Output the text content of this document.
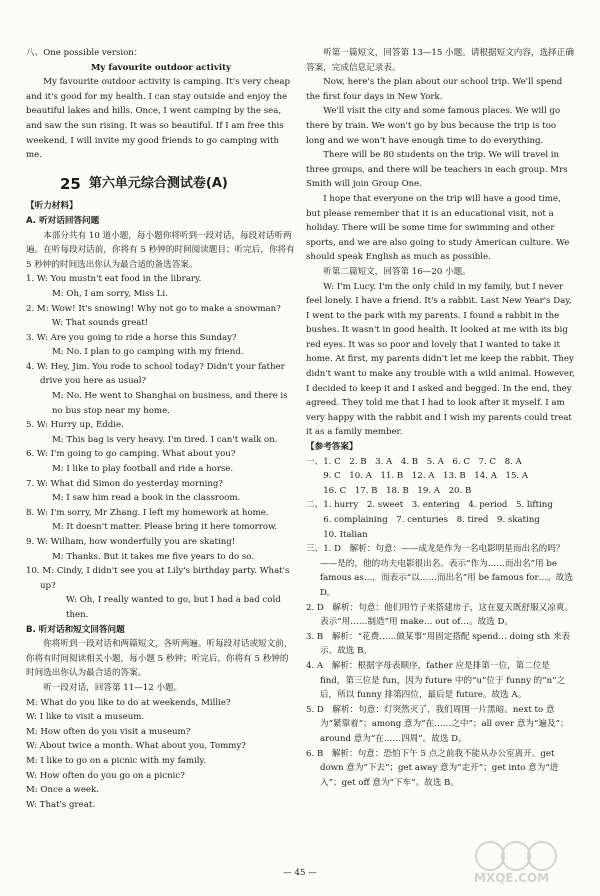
八、One possible version：

My favourite outdoor activity

My favourite outdoor activity is camping. It's very cheap and it's good for my health. I can stay outside and enjoy the beautiful lakes and hills. Once, I went camping by the sea, and saw the sun rising. It was so beautiful. If I am free this weekend, I will invite my good friends to go camping with me.

25 第六单元综合测试卷(A)

【听力材料】

A. 听对话回答问题

本部分共有 10 道小题，每小题你将听到一段对话，每段对话听两遍。在听每段对话前，你将有 5 秒钟的时间阅读题目；听完后，你将有 5 秒钟的时间选出你认为最合适的备选答案。

1. W: You mustn't eat food in the library.

M: Oh, I am sorry, Miss Li.

2. M: Wow! It's snowing! Why not go to make a snowman?

W: That sounds great!

3. W: Are you going to ride a horse this Sunday?

M: No. I plan to go camping with my friend.

4. W: Hey, Jim. You rode to school today? Didn't your father drive you here as usual?

M: No. He went to Shanghai on business, and there is no bus stop near my home.

5. W: Hurry up, Eddie.

M: This bag is very heavy. I'm tired. I can't walk on.

6. W: I'm going to go camping. What about you?

M: I like to play football and ride a horse.

7. W: What did Simon do yesterday morning?

M: I saw him read a book in the classroom.

8. W: I'm sorry, Mr Zhang. I left my homework at home.

M: It doesn't matter. Please bring it here tomorrow.

9. W: William, how wonderfully you are skating!

M: Thanks. But it takes me five years to do so.

10. M: Cindy, I didn't see you at Lily's birthday party. What's up?

W: Oh, I really wanted to go, but I had a bad cold then.

B. 听对话和短文回答问题

你将听到一段对话和两篇短文，各听两遍。听每段对话或短文前，你将有时间阅读相关小题，每小题 5 秒钟；听完后，你将有 5 秒钟的时间选出你认为最合适的答案。

听一段对话，回答第 11—12 小题。

M: What do you like to do at weekends, Millie?

W: I like to visit a museum.

M: How often do you visit a museum?

W: About twice a month. What about you, Tommy?

M: I like to go on a picnic with my family.

W: How often do you go on a picnic?

M: Once a week.

W: That's great.

听第一篇短文，回答第 13—15 小题。请根据短文内容，选择正确答案，完成信息记录表。

Now, here's the plan about our school trip. We'll spend the first four days in New York.

We'll visit the city and some famous places. We will go there by train. We won't go by bus because the trip is too long and we won't have enough time to do everything.

There will be 80 students on the trip. We will travel in three groups, and there will be teachers in each group. Mrs Smith will join Group One.

I hope that everyone on the trip will have a good time, but please remember that it is an educational visit, not a holiday. There will be some time for swimming and other sports, and we are also going to study American culture. We should speak English as much as possible.

听第二篇短文，回答第 16—20 小题。

W: I'm Lucy. I'm the only child in my family, but I never feel lonely. I have a friend. It's a rabbit. Last New Year's Day, I went to the park with my parents. I found a rabbit in the bushes. It wasn't in good health. It looked at me with its big red eyes. It was so poor and lovely that I wanted to take it home. At first, my parents didn't let me keep the rabbit. They didn't want to make any trouble with a wild animal. However, I decided to keep it and I asked and begged. In the end, they agreed. They told me that I had to look after it myself. I am very happy with the rabbit and I wish my parents could treat it as a family member.

【参考答案】

一、1. C　2. B　3. A　4. B　5. A　6. C　7. C　8. A

　　9. C　10. A　11. B　12. A　13. B　14. A　15. A

　　16. C　17. B　18. B　19. A　20. B

二、1. hurry　2. sweet　3. entering　4. period　5. lifting

　　6. complaining　7. centuries　8. tired　9. skating

　　10. Italian

三、1. D　解析：句意：——成龙是作为一名电影明星而出名的吗？——是的，他的功夫电影很出名。表示“作为……而出名”用 be famous as…，而表示“以……而出名”用 be famous for…。故选 D。

2. D　解析：句意：他们用竹子来搭建房子，这在夏天既舒服又凉爽。表示“用……制造”用 make… out of…。故选 D。

3. B　解析：“花费……做某事”用固定搭配 spend… doing sth 来表示。故选 B。

4. A　解析：根据字母表顺序，father 应是排第一位，第二位是 find，第三位是 fun，因为 future 中的“u”位于 funny 的“n”之后，所以 funny 排第四位，最后是 future。故选 A。

5. D　解析：句意：灯突然灭了，我们周围一片黑暗。next to 意为“紧靠着”；among 意为“在……之中”；all over 意为“遍及”；around 意为“在……四周”。故选 D。

6. B　解析：句意：恐怕下午 5 点之前我不能从办公室离开。get down 意为“下去”；get away 意为“走开”；get into 意为“进入”；get off 意为“下车”。故选 B。

— 45 —	MXQE.COM
